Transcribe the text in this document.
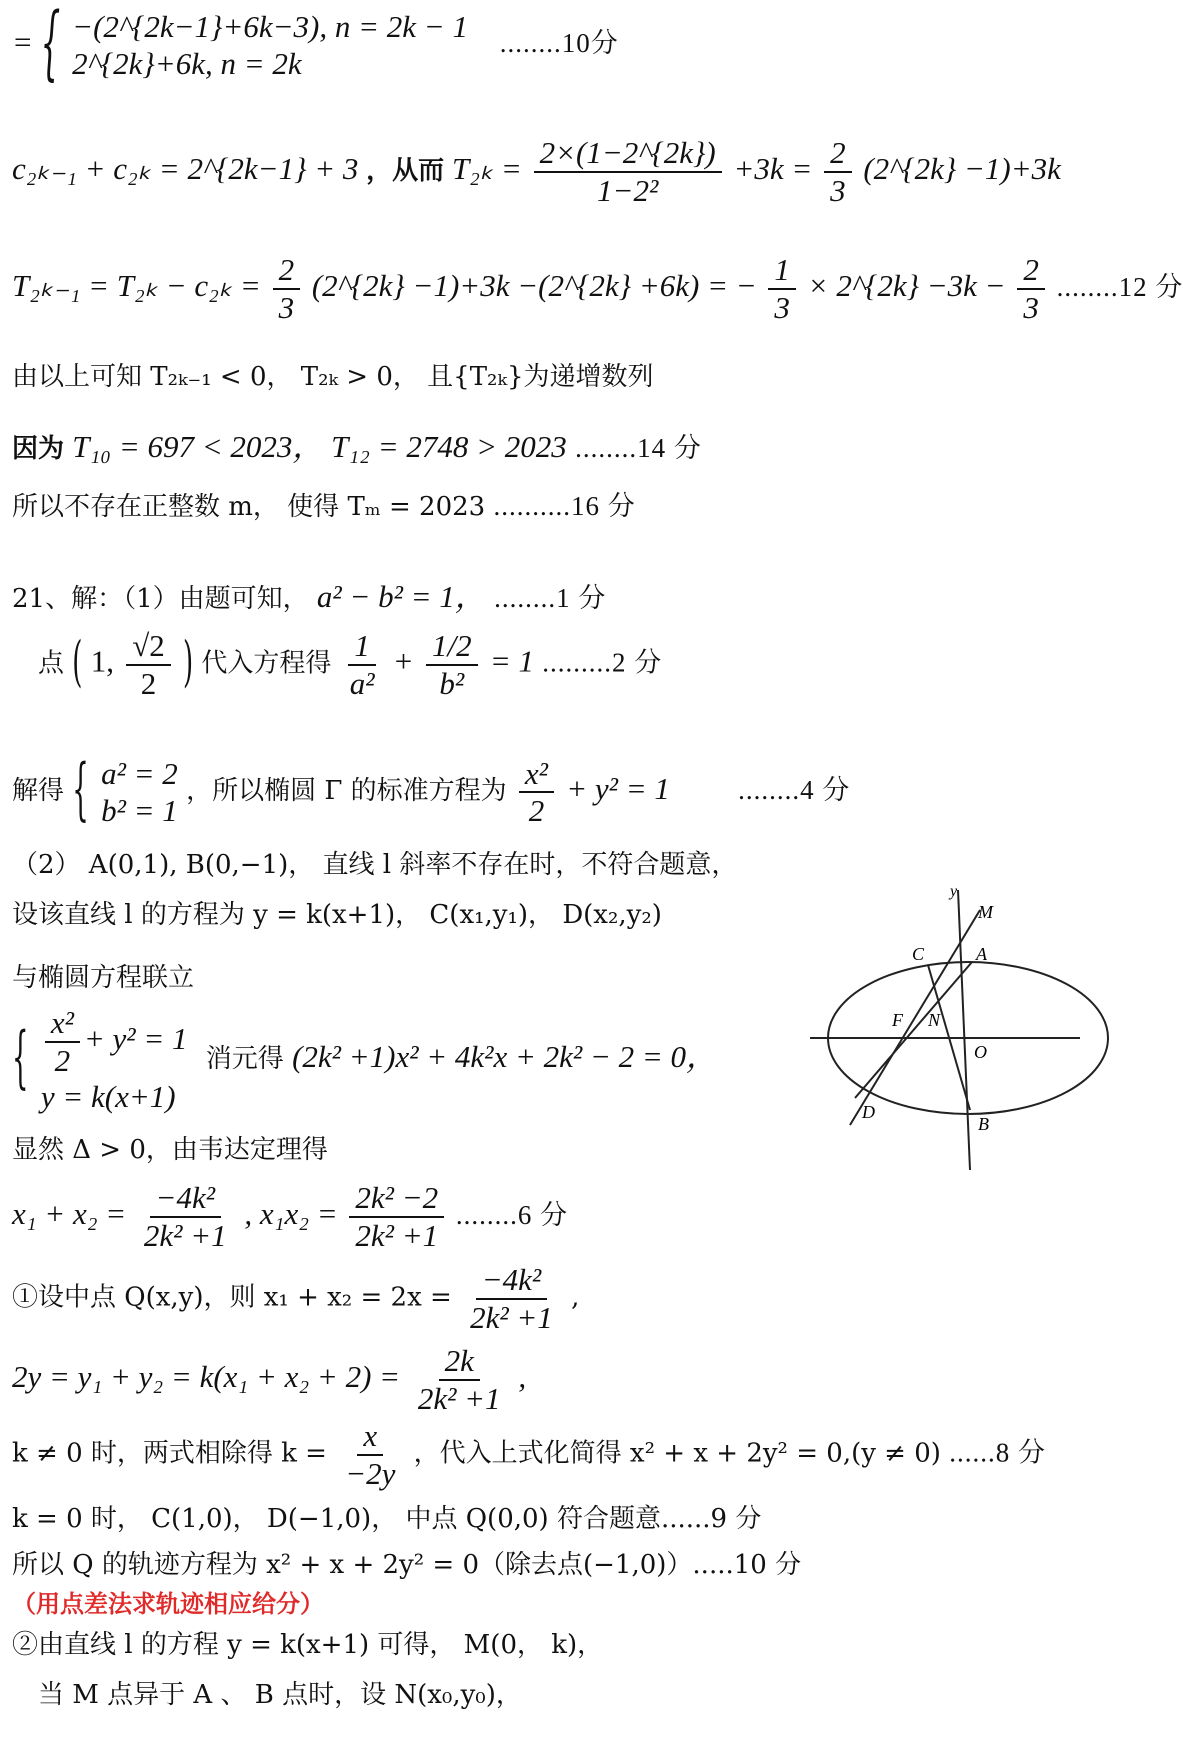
= { −(2^{2k−1}+6k−3), n = 2k − 1
2^{2k}+6k, n = 2k
........10分
c₂ₖ₋₁ + c₂ₖ = 2^{2k−1} + 3 ，从而 $T_{2k} = \frac{2\times(1-2\^{}\{2k\})}{\text{1−2²}} +3k = \frac{2}{3}$ (2^{2k} −1)+3k
$T_{2k-1} = T_{2k} - c_{2k} = \frac{2}{3}$ (2^{2k} −1)+3k −(2^{2k} +6k) = − $\frac{1}{3}$ × 2^{2k} $-3k - \frac{2}{3} ........12$ 分
由以上可知 T₂ₖ₋₁ < 0， T₂ₖ > 0， 且{T₂ₖ}为递增数列
因为 T₁₀ = 697 < 2023， T₁₂ = 2748 > 2023 ........14 分
所以不存在正整数 m， 使得 Tₘ = 2023 ..........16 分
21、解：（1）由题可知， a² − b² = 1， ........1 分
点 ( 1, $\frac{√2}{2}$ ) 代入方程得 $\frac{1}{\text{a²}} + \frac{1/2}{\text{b²}} = 1$ .........2 分
解得 { a² = 2
b² = 1
，所以椭圆 Γ 的标准方程为 $\frac{\text{x²}}{2} + y^2 = 1$	........4 分
（2） A(0,1), B(0,−1)， 直线 l 斜率不存在时，不符合题意，
设该直线 l 的方程为 y = k(x+1)， C(x₁,y₁)， D(x₂,y₂)
与椭圆方程联立
{ $\frac{\text{x²}}{2} + y^2 = 1$
y = k(x+1)
消元得 (2k² +1)x² + 4k²x + 2k² − 2 = 0，
显然 Δ > 0，由韦达定理得
$x_1 + x_2 = \frac{\text{−4k²}}{\text{2k² +1}}$ , $x_1x_2 = \frac{\text{2k² −2}}{\text{2k² +1}} ........6$ 分
①设中点 Q(x,y)，则 $x_1 + x_2 = 2x = \frac{\text{−4k²}}{\text{2k² +1}}$ ,
$2y = y_1 + y_2 = k(x_1 + x_2 + 2) = \frac{2k}{\text{2k² +1}}$ ,
k ≠ 0 时，两式相除得 $k = \frac{x}{-2y}$ ，代入上式化简得 x² + x + 2y² = 0,(y ≠ 0) ......8 分
k = 0 时， C(1,0)， D(−1,0)， 中点 Q(0,0) 符合题意......9 分
所以 Q 的轨迹方程为 x² + x + 2y² = 0（除去点(−1,0)）.....10 分
（用点差法求轨迹相应给分）
②由直线 l 的方程 y = k(x+1) 可得， M(0， k)，
当 M 点异于 A 、 B 点时，设 N(x₀,y₀)，
y
M
C	A
F N
O
D
B
